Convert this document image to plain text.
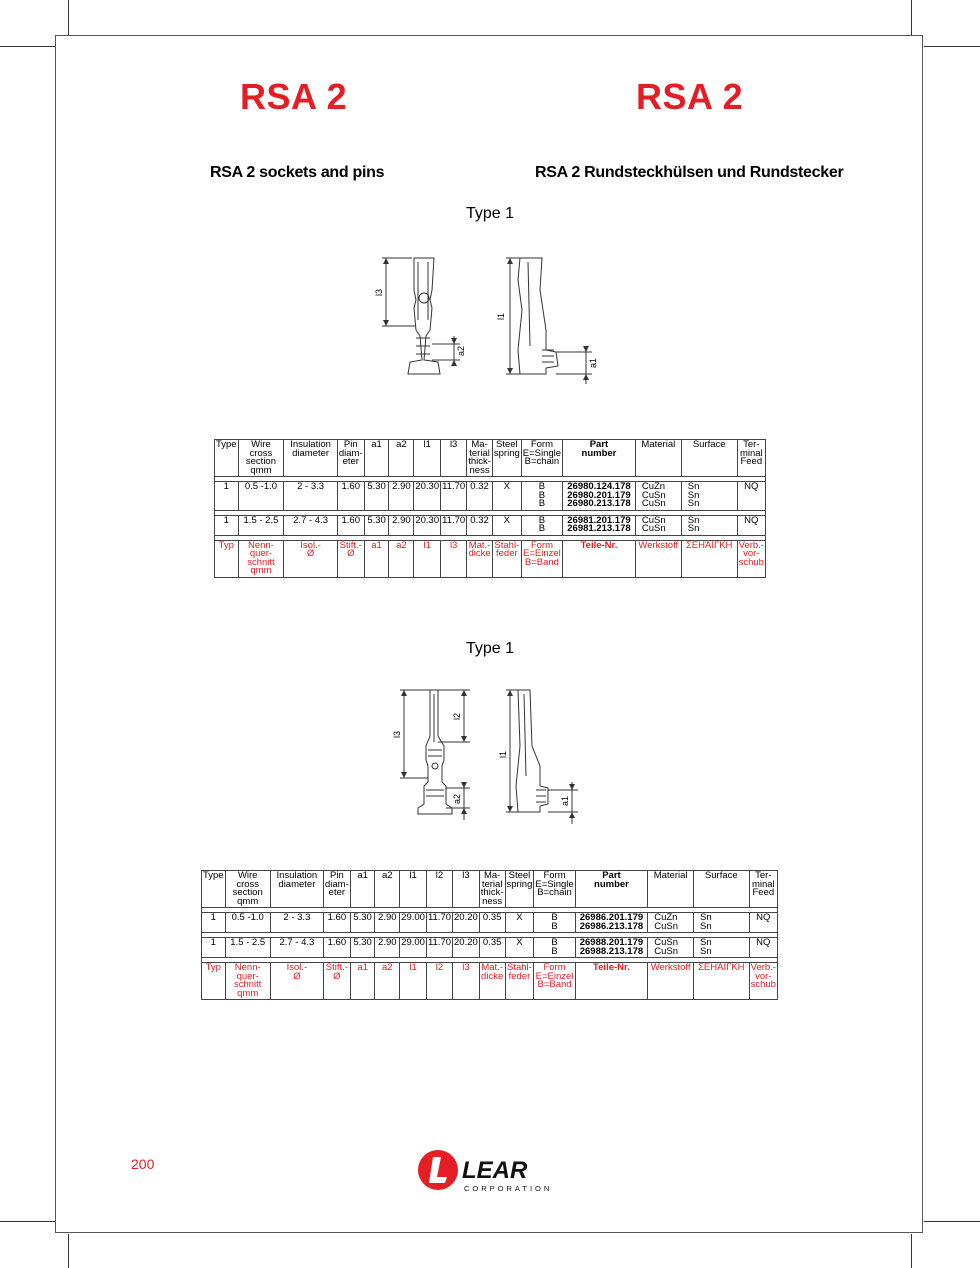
RSA 2	RSA 2
RSA 2 sockets and pins	RSA 2 Rundsteckhülsen und Rundstecker
Type 1
l3
a2
l1
a1
Type	Wire
cross
section
qmm	Insulation
diameter	Pin
diam-
eter	a1	a2	l1	l3	Ma-
terial
thick-
ness	Steel
spring	Form
E=Single
B=chain	Part
number	Material	Surface	Ter-
minal
Feed

1	0.5 -1.0	2 - 3.3	1.60	5.30	2.90	20.30	11.70	0.32	X	B
B
B	26980.124.178
26980.201.179
26980.213.178	CuZn
CuSn
CuSn	Sn
Sn
Sn	NQ

1	1.5 - 2.5	2.7 - 4.3	1.60	5.30	2.90	20.30	11.70	0.32	X	B
B	26981.201.179
26981.213.178	CuSn
CuSn	Sn
Sn	NQ

Typ	Nenn-
quer-
schnitt
qmm	Isol.-
Ø	Stift.-
Ø	a1	a2	l1	l3	Mat.-
dicke	Stahl-
feder	Form
E=Einzel
B=Band	Teile-Nr.	Werkstoff	ΣΕΗΆΙΓΚΗ	Verb.-
vor-
schub
Type 1
l3
l2
a2
l1
a1
Type	Wire
cross
section
qmm	Insulation
diameter	Pin
diam-
eter	a1	a2	l1	l2	l3	Ma-
terial
thick-
ness	Steel
spring	Form
E=Single
B=chain	Part
number	Material	Surface	Ter-
minal
Feed

1	0.5 -1.0	2 - 3.3	1.60	5.30	2.90	29.00	11.70	20.20	0.35	X	B
B	26986.201.179
26986.213.178	CuZn
CuSn	Sn
Sn	NQ

1	1.5 - 2.5	2.7 - 4.3	1.60	5.30	2.90	29.00	11.70	20.20	0.35	X	B
B	26988.201.179
26988.213.178	CuSn
CuSn	Sn
Sn	NQ

Typ	Nenn-
quer-
schnitt
qmm	Isol.-
Ø	Stift.-
Ø	a1	a2	l1	l2	l3	Mat.-
dicke	Stahl-
feder	Form
E=Einzel
B=Band	Teile-Nr.	Werkstoff	ΣΕΗΆΙΓΚΗ	Verb.-
vor-
schub
200	LEAR
CORPORATION
